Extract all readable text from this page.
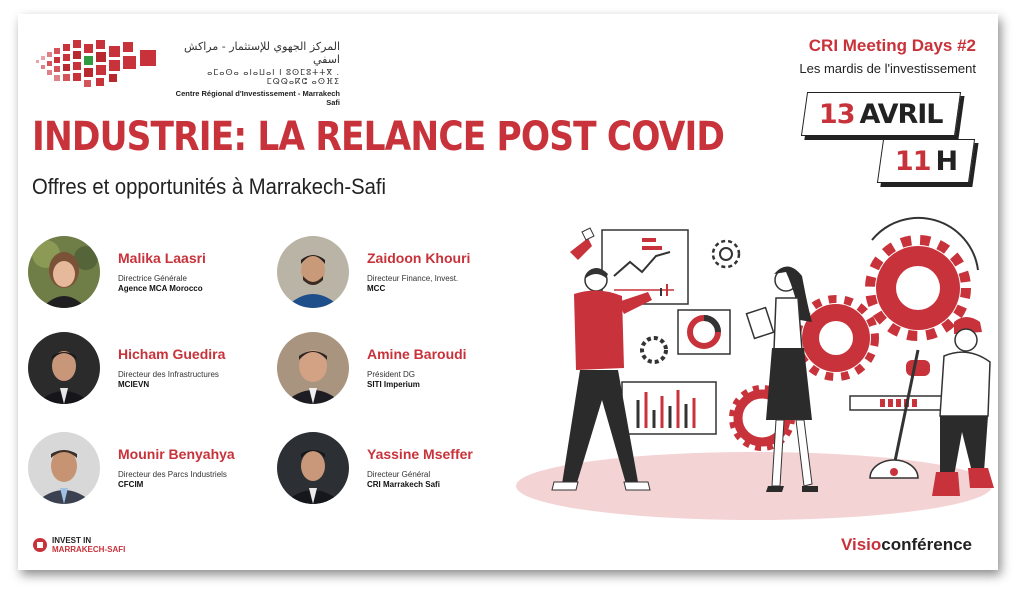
المركز الجهوي للإستثمار - مراكش اسفي
ⴰⵎⴰⵙⴰ ⴰⵏⴰⵡⴰⵏ ⵏ ⵓⵙⵎⵓⵜⵜⴳ . ⵎⵕⵕⴰⴽⵛ ⴰⵙⴼⵉ
Centre Régional d'Investissement - Marrakech Safi
CRI Meeting Days #2
Les mardis de l'investissement
13 AVRIL
11 H
INDUSTRIE: LA RELANCE POST COVID
Offres et opportunités à Marrakech-Safi
Malika Laasri
Directrice Générale
Agence MCA Morocco
Zaidoon Khouri
Directeur Finance, Invest.
MCC
Hicham Guedira
Directeur des Infrastructures
MCIEVN
Amine Baroudi
Président DG
SITI Imperium
Mounir Benyahya
Directeur des Parcs Industriels
CFCIM
Yassine Mseffer
Directeur Général
CRI Marrakech Safi
INVEST IN
MARRAKECH-SAFI	Visioconférence
